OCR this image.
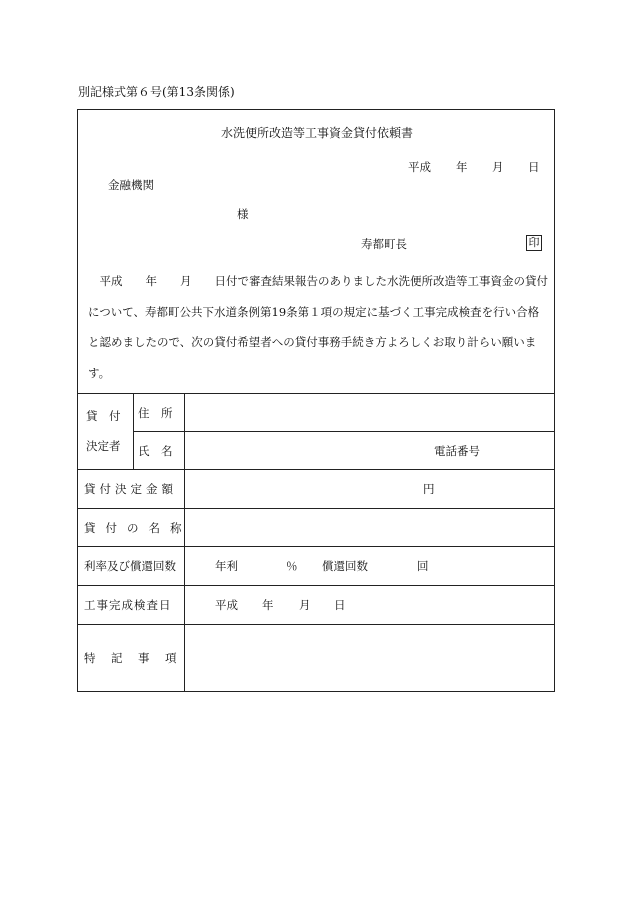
別記様式第６号(第13条関係)
水洗便所改造等工事資金貸付依頼書
平成 年 月 日
金融機関
様
寿都町長	印
　平成　　年　　月　　日付で審査結果報告のありました水洗便所改造等工事資金の貸付について、寿都町公共下水道条例第19条第１項の規定に基づく工事完成検査を行い合格と認めましたので、次の貸付希望者への貸付事務手続き方よろしくお取り計らい願います。
貸　付
決定者
住　所
氏　名	電話番号
貸付決定金額	円
貸付の名称
利率及び償還回数	年利	％ 償還回数	回
工事完成検査日	平成 年 月 日
特　記　事　項
